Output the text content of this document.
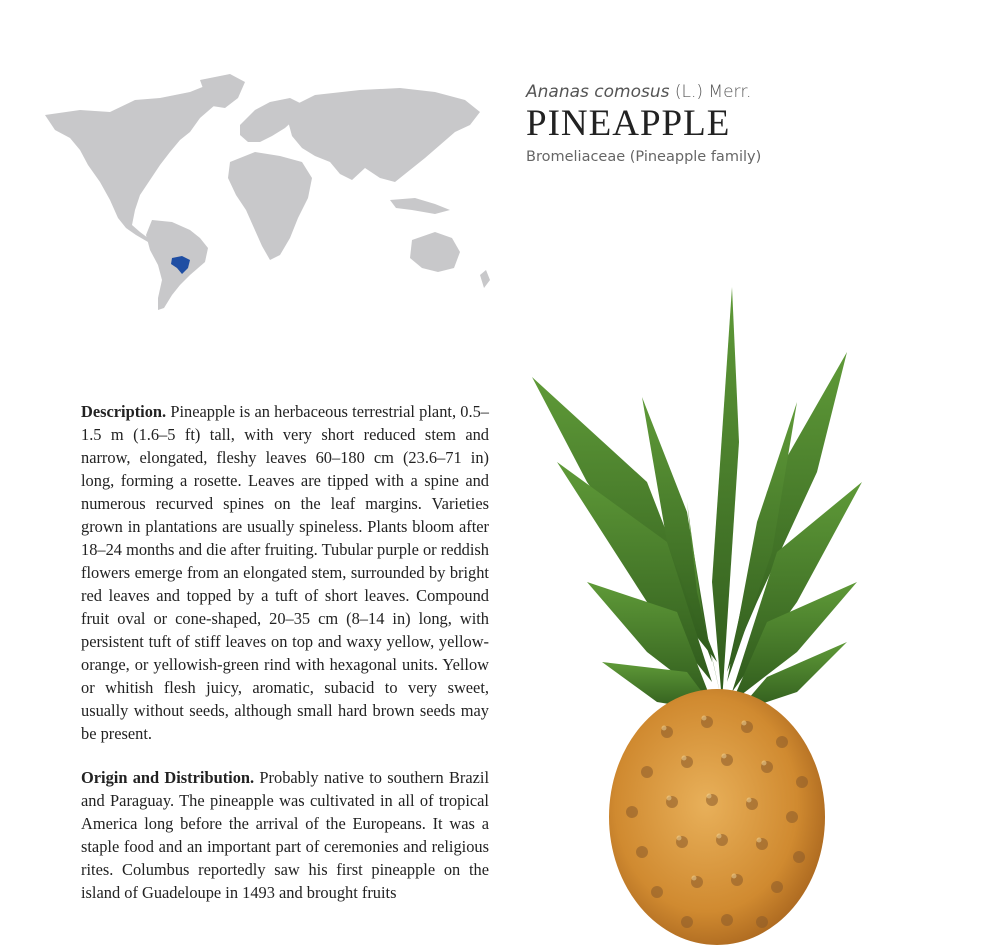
Ananas comosus (L.) Merr.
PINEAPPLE
Bromeliaceae (Pineapple family)

Description. Pineapple is an herbaceous terrestrial plant, 0.5–1.5 m (1.6–5 ft) tall, with very short reduced stem and narrow, elongated, fleshy leaves 60–180 cm (23.6–71 in) long, forming a rosette. Leaves are tipped with a spine and numerous recurved spines on the leaf margins. Varieties grown in plantations are usually spineless. Plants bloom after 18–24 months and die after fruiting. Tubular purple or reddish flowers emerge from an elongated stem, surrounded by bright red leaves and topped by a tuft of short leaves. Compound fruit oval or cone-shaped, 20–35 cm (8–14 in) long, with persistent tuft of stiff leaves on top and waxy yellow, yellow-orange, or yellowish-green rind with hexagonal units. Yellow or whitish flesh juicy, aromatic, subacid to very sweet, usually without seeds, although small hard brown seeds may be present.

Origin and Distribution. Probably native to southern Brazil and Paraguay. The pineapple was cultivated in all of tropical America long before the arrival of the Europeans. It was a staple food and an important part of ceremonies and religious rites. Columbus reportedly saw his first pineapple on the island of Guadeloupe in 1493 and brought fruits
